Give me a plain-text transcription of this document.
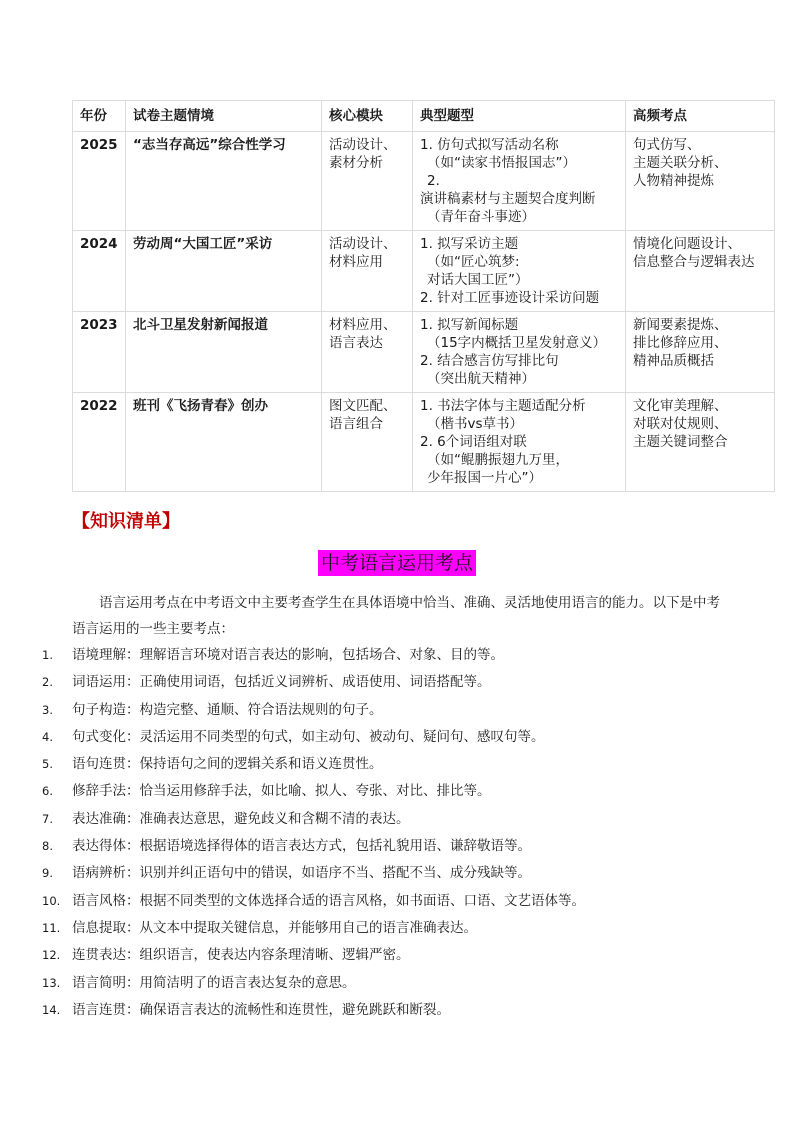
年份	试卷主题情境	核心模块	典型题型	高频考点
2025	“志当存高远”综合性学习	活动设计、
素材分析	1. 仿句式拟写活动名称
（如“读家书悟报国志”）
2.
演讲稿素材与主题契合度判断
（青年奋斗事迹）	句式仿写、
主题关联分析、
人物精神提炼

2024	劳动周“大国工匠”采访	活动设计、
材料应用	1. 拟写采访主题
（如“匠心筑梦:
对话大国工匠”）
2. 针对工匠事迹设计采访问题	情境化问题设计、
信息整合与逻辑表达

2023	北斗卫星发射新闻报道	材料应用、
语言表达	1. 拟写新闻标题
（15字内概括卫星发射意义）
2. 结合感言仿写排比句
（突出航天精神）	新闻要素提炼、
排比修辞应用、
精神品质概括

2022	班刊《飞扬青春》创办	图文匹配、
语言组合	1. 书法字体与主题适配分析
（楷书vs草书）
2. 6个词语组对联
（如“鲲鹏振翅九万里，
少年报国一片心”）	文化审美理解、
对联对仗规则、
主题关键词整合
【知识清单】
中考语言运用考点
语言运用考点在中考语文中主要考查学生在具体语境中恰当、准确、灵活地使用语言的能力。以下是中考语言运用的一些主要考点：
1.	语境理解：理解语言环境对语言表达的影响，包括场合、对象、目的等。
2.	词语运用：正确使用词语，包括近义词辨析、成语使用、词语搭配等。
3.	句子构造：构造完整、通顺、符合语法规则的句子。
4.	句式变化：灵活运用不同类型的句式，如主动句、被动句、疑问句、感叹句等。
5.	语句连贯：保持语句之间的逻辑关系和语义连贯性。
6.	修辞手法：恰当运用修辞手法，如比喻、拟人、夸张、对比、排比等。
7.	表达准确：准确表达意思，避免歧义和含糊不清的表达。
8.	表达得体：根据语境选择得体的语言表达方式，包括礼貌用语、谦辞敬语等。
9.	语病辨析：识别并纠正语句中的错误，如语序不当、搭配不当、成分残缺等。
10. 语言风格：根据不同类型的文体选择合适的语言风格，如书面语、口语、文艺语体等。
11. 信息提取：从文本中提取关键信息，并能够用自己的语言准确表达。
12. 连贯表达：组织语言，使表达内容条理清晰、逻辑严密。
13. 语言简明：用简洁明了的语言表达复杂的意思。
14. 语言连贯：确保语言表达的流畅性和连贯性，避免跳跃和断裂。
